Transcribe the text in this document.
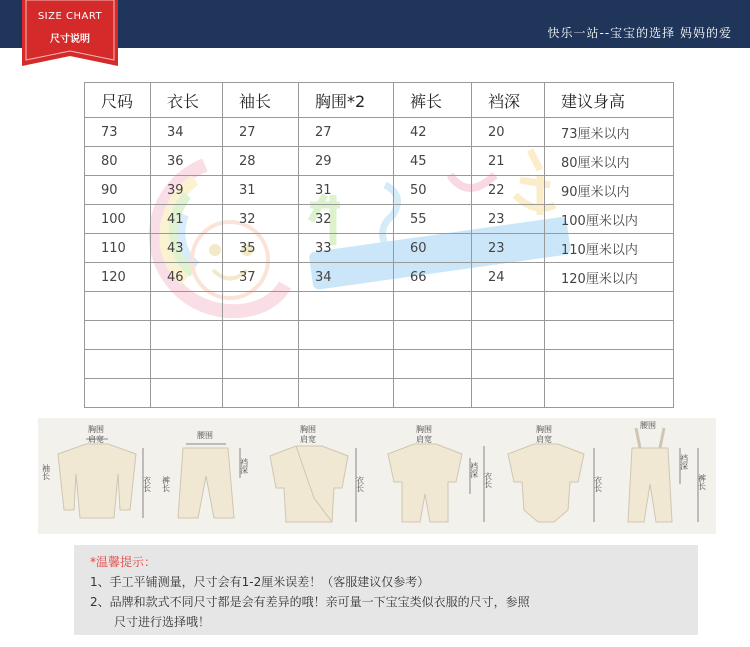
快乐一站--宝宝的选择 妈妈的爱
SIZE CHART
尺寸说明
尺码	衣长	袖长	胸围*2	裤长	裆深	建议身高
73	34	27	27	42	20	73厘米以内
80	36	28	29	45	21	80厘米以内
90	39	31	31	50	22	90厘米以内
100	41	32	32	55	23	100厘米以内
110	43	35	33	60	23	110厘米以内
120	46	37	34	66	24	120厘米以内

胸围
肩宽
袖长
衣长
腰围
裤长
裆深
胸围
肩宽
衣长
胸围
肩宽
裆深
衣长
胸围
肩宽
衣长
腰围
裆深
裤长
*温馨提示：
1、手工平铺测量，尺寸会有1-2厘米误差！（客服建议仅参考）
2、品牌和款式不同尺寸都是会有差异的哦！亲可量一下宝宝类似衣服的尺寸，参照
尺寸进行选择哦！
